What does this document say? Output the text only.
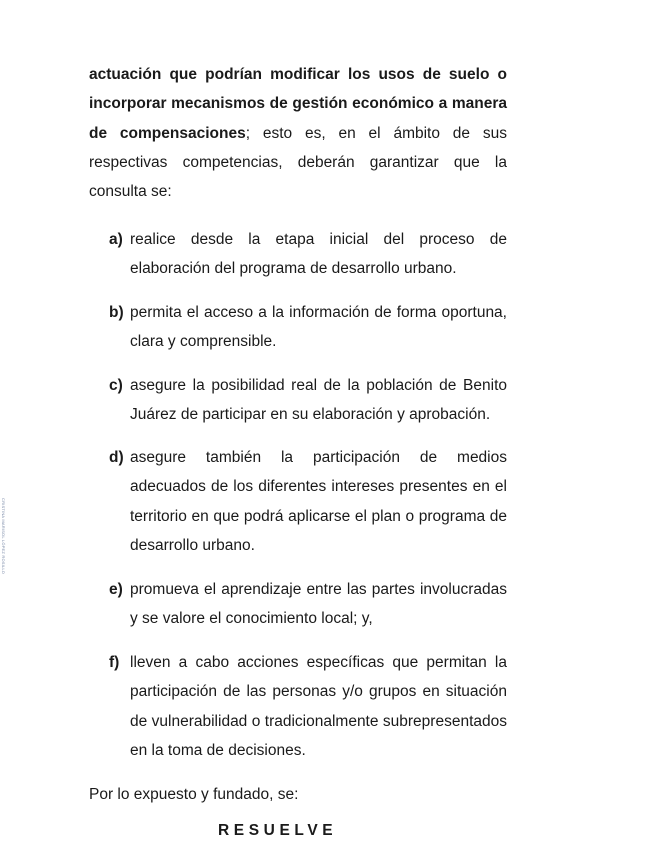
actuación que podrían modificar los usos de suelo o incorporar mecanismos de gestión económico a manera de compensaciones; esto es, en el ámbito de sus respectivas competencias, deberán garantizar que la consulta se:

a) realice desde la etapa inicial del proceso de elaboración del programa de desarrollo urbano.
b) permita el acceso a la información de forma oportuna, clara y comprensible.
c) asegure la posibilidad real de la población de Benito Juárez de participar en su elaboración y aprobación.
d) asegure también la participación de medios adecuados de los diferentes intereses presentes en el territorio en que podrá aplicarse el plan o programa de desarrollo urbano.
e) promueva el aprendizaje entre las partes involucradas y se valore el conocimiento local; y,
f) lleven a cabo acciones específicas que permitan la participación de las personas y/o grupos en situación de vulnerabilidad o tradicionalmente subrepresentados en la toma de decisiones.

Por lo expuesto y fundado, se:

RESUELVE
CRISTINA MARISOL LÓPEZ ROSILLO
